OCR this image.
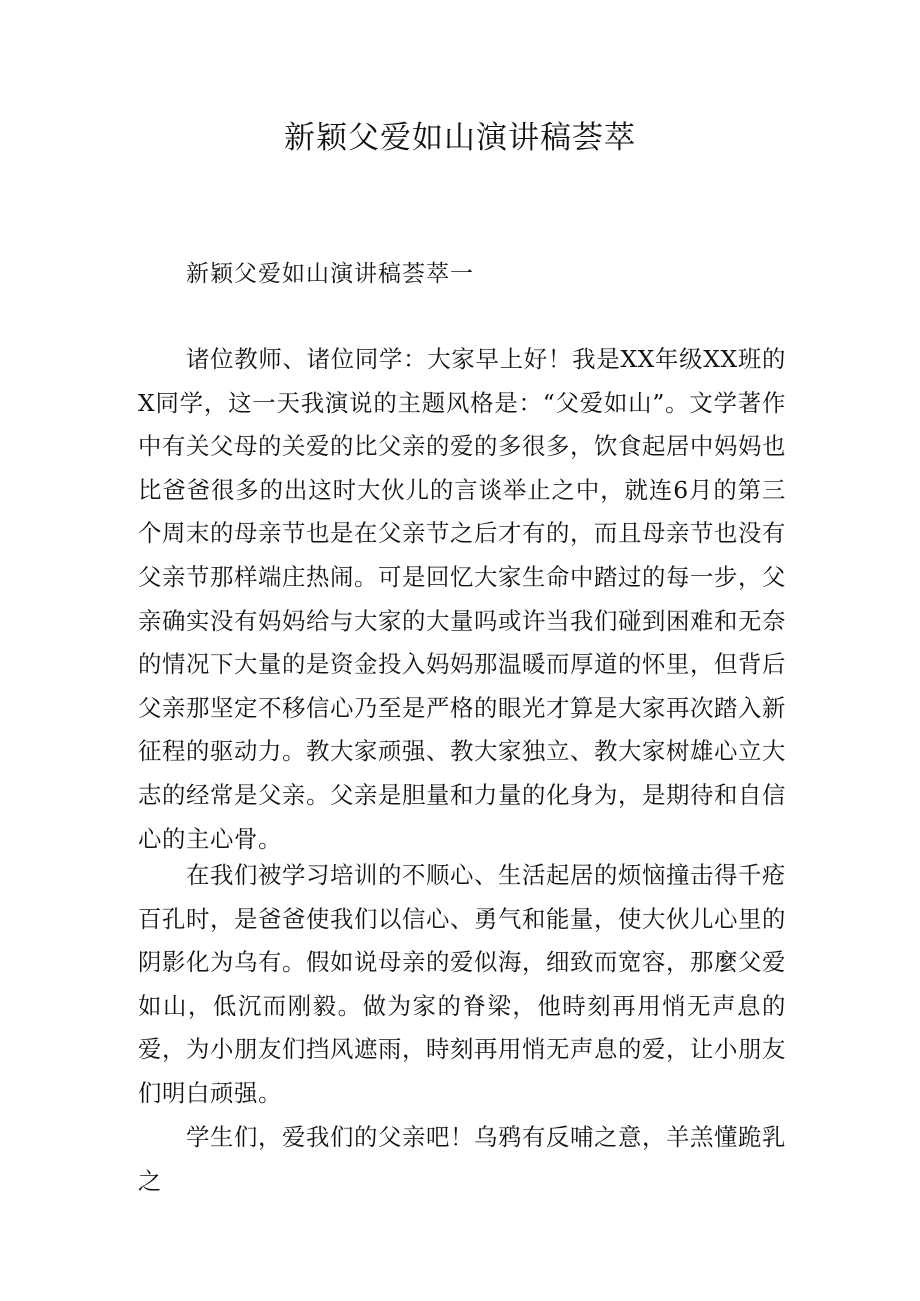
新颖父爱如山演讲稿荟萃
新颖父爱如山演讲稿荟萃一

诸位教师、诸位同学：大家早上好！我是XX年级XX班的X同学，这一天我演说的主题风格是：“父爱如山”。文学著作中有关父母的关爱的比父亲的爱的多很多，饮食起居中妈妈也比爸爸很多的出这时大伙儿的言谈举止之中，就连6月的第三个周末的母亲节也是在父亲节之后才有的，而且母亲节也没有父亲节那样端庄热闹。可是回忆大家生命中踏过的每一步，父亲确实没有妈妈给与大家的大量吗或许当我们碰到困难和无奈的情况下大量的是资金投入妈妈那温暖而厚道的怀里，但背后父亲那坚定不移信心乃至是严格的眼光才算是大家再次踏入新征程的驱动力。教大家顽强、教大家独立、教大家树雄心立大志的经常是父亲。父亲是胆量和力量的化身为，是期待和自信心的主心骨。

在我们被学习培训的不顺心、生活起居的烦恼撞击得千疮百孔时，是爸爸使我们以信心、勇气和能量，使大伙儿心里的阴影化为乌有。假如说母亲的爱似海，细致而宽容，那麼父爱如山，低沉而刚毅。做为家的脊梁，他時刻再用悄无声息的爱，为小朋友们挡风遮雨，時刻再用悄无声息的爱，让小朋友们明白顽强。

学生们，爱我们的父亲吧！乌鸦有反哺之意，羊羔懂跪乳之
